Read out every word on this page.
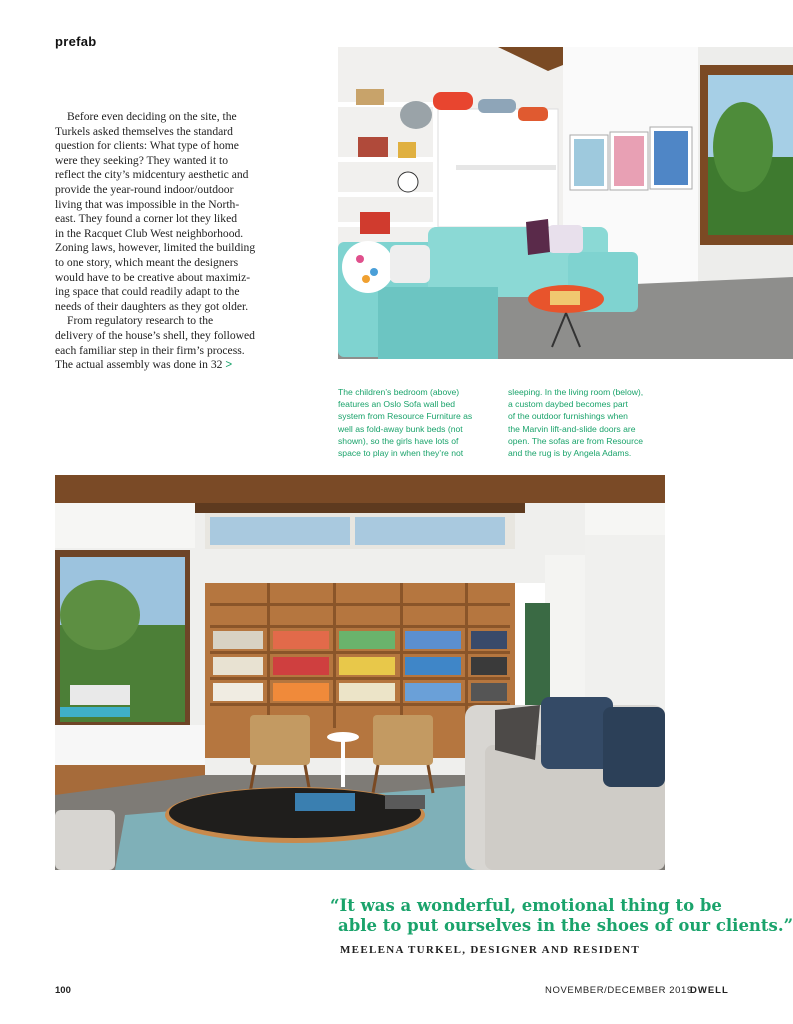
prefab

Before even deciding on the site, the
Turkels asked themselves the standard
question for clients: What type of home
were they seeking? They wanted it to
reflect the city’s midcentury aesthetic and
provide the year-round indoor/outdoor
living that was impossible in the North-
east. They found a corner lot they liked
in the Racquet Club West neighborhood.
Zoning laws, however, limited the building
to one story, which meant the designers
would have to be creative about maximiz-
ing space that could readily adapt to the
needs of their daughters as they got older.

From regulatory research to the
delivery of the house’s shell, they followed
each familiar step in their firm’s process.
The actual assembly was done in 32 >

The children’s bedroom (above)
features an Oslo Sofa wall bed
system from Resource Furniture as
well as fold-away bunk beds (not
shown), so the girls have lots of
space to play in when they’re not
sleeping. In the living room (below),
a custom daybed becomes part
of the outdoor furnishings when
the Marvin lift-and-slide doors are
open. The sofas are from Resource
and the rug is by Angela Adams.
“It was a wonderful, emotional thing to be
able to put ourselves in the shoes of our clients.”
MEELENA TURKEL, DESIGNER AND RESIDENT
100	NOVEMBER/DECEMBER 2019
DWELL
